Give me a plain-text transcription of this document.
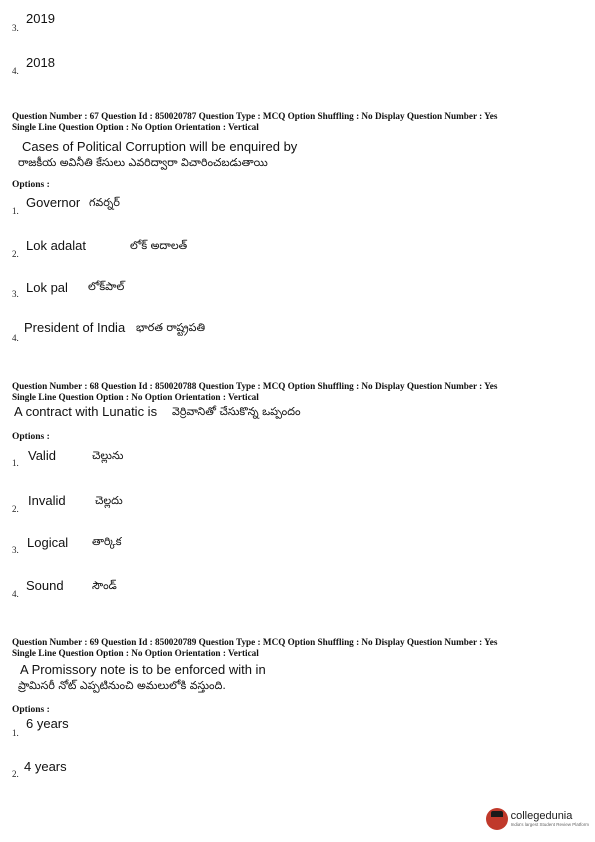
3.
2019
4.
2018
Question Number : 67 Question Id : 850020787 Question Type : MCQ Option Shuffling : No Display Question Number : Yes
Single Line Question Option : No Option Orientation : Vertical
Cases of Political Corruption will be enquired by
రాజకీయ అవినీతి కేసులు ఎవరిద్వారా విచారించబడుతాయి
Options :
1.
Governor గవర్నర్
2.
Lok adalat	లోక్ అదాలత్
3. Lok pal లోక్‌పాల్
4.
President of India భారత రాష్ట్రపతి
Question Number : 68 Question Id : 850020788 Question Type : MCQ Option Shuffling : No Display Question Number : Yes
Single Line Question Option : No Option Orientation : Vertical
A contract with Lunatic is వెర్రివానితో చేసుకొన్న ఒప్పందం
Options :
1. Valid	చెల్లును
2.
Invalid	చెల్లదు
3. Logical తార్కిక
4.
Sound	సౌండ్
Question Number : 69 Question Id : 850020789 Question Type : MCQ Option Shuffling : No Display Question Number : Yes
Single Line Question Option : No Option Orientation : Vertical
A Promissory note is to be enforced with in
ప్రామిసరీ నోట్ ఎప్పటినుంచి అమలులోకి వస్తుంది.
Options :
1.
6 years
2. 4 years
collegedunia
India's largest Student Review Platform
